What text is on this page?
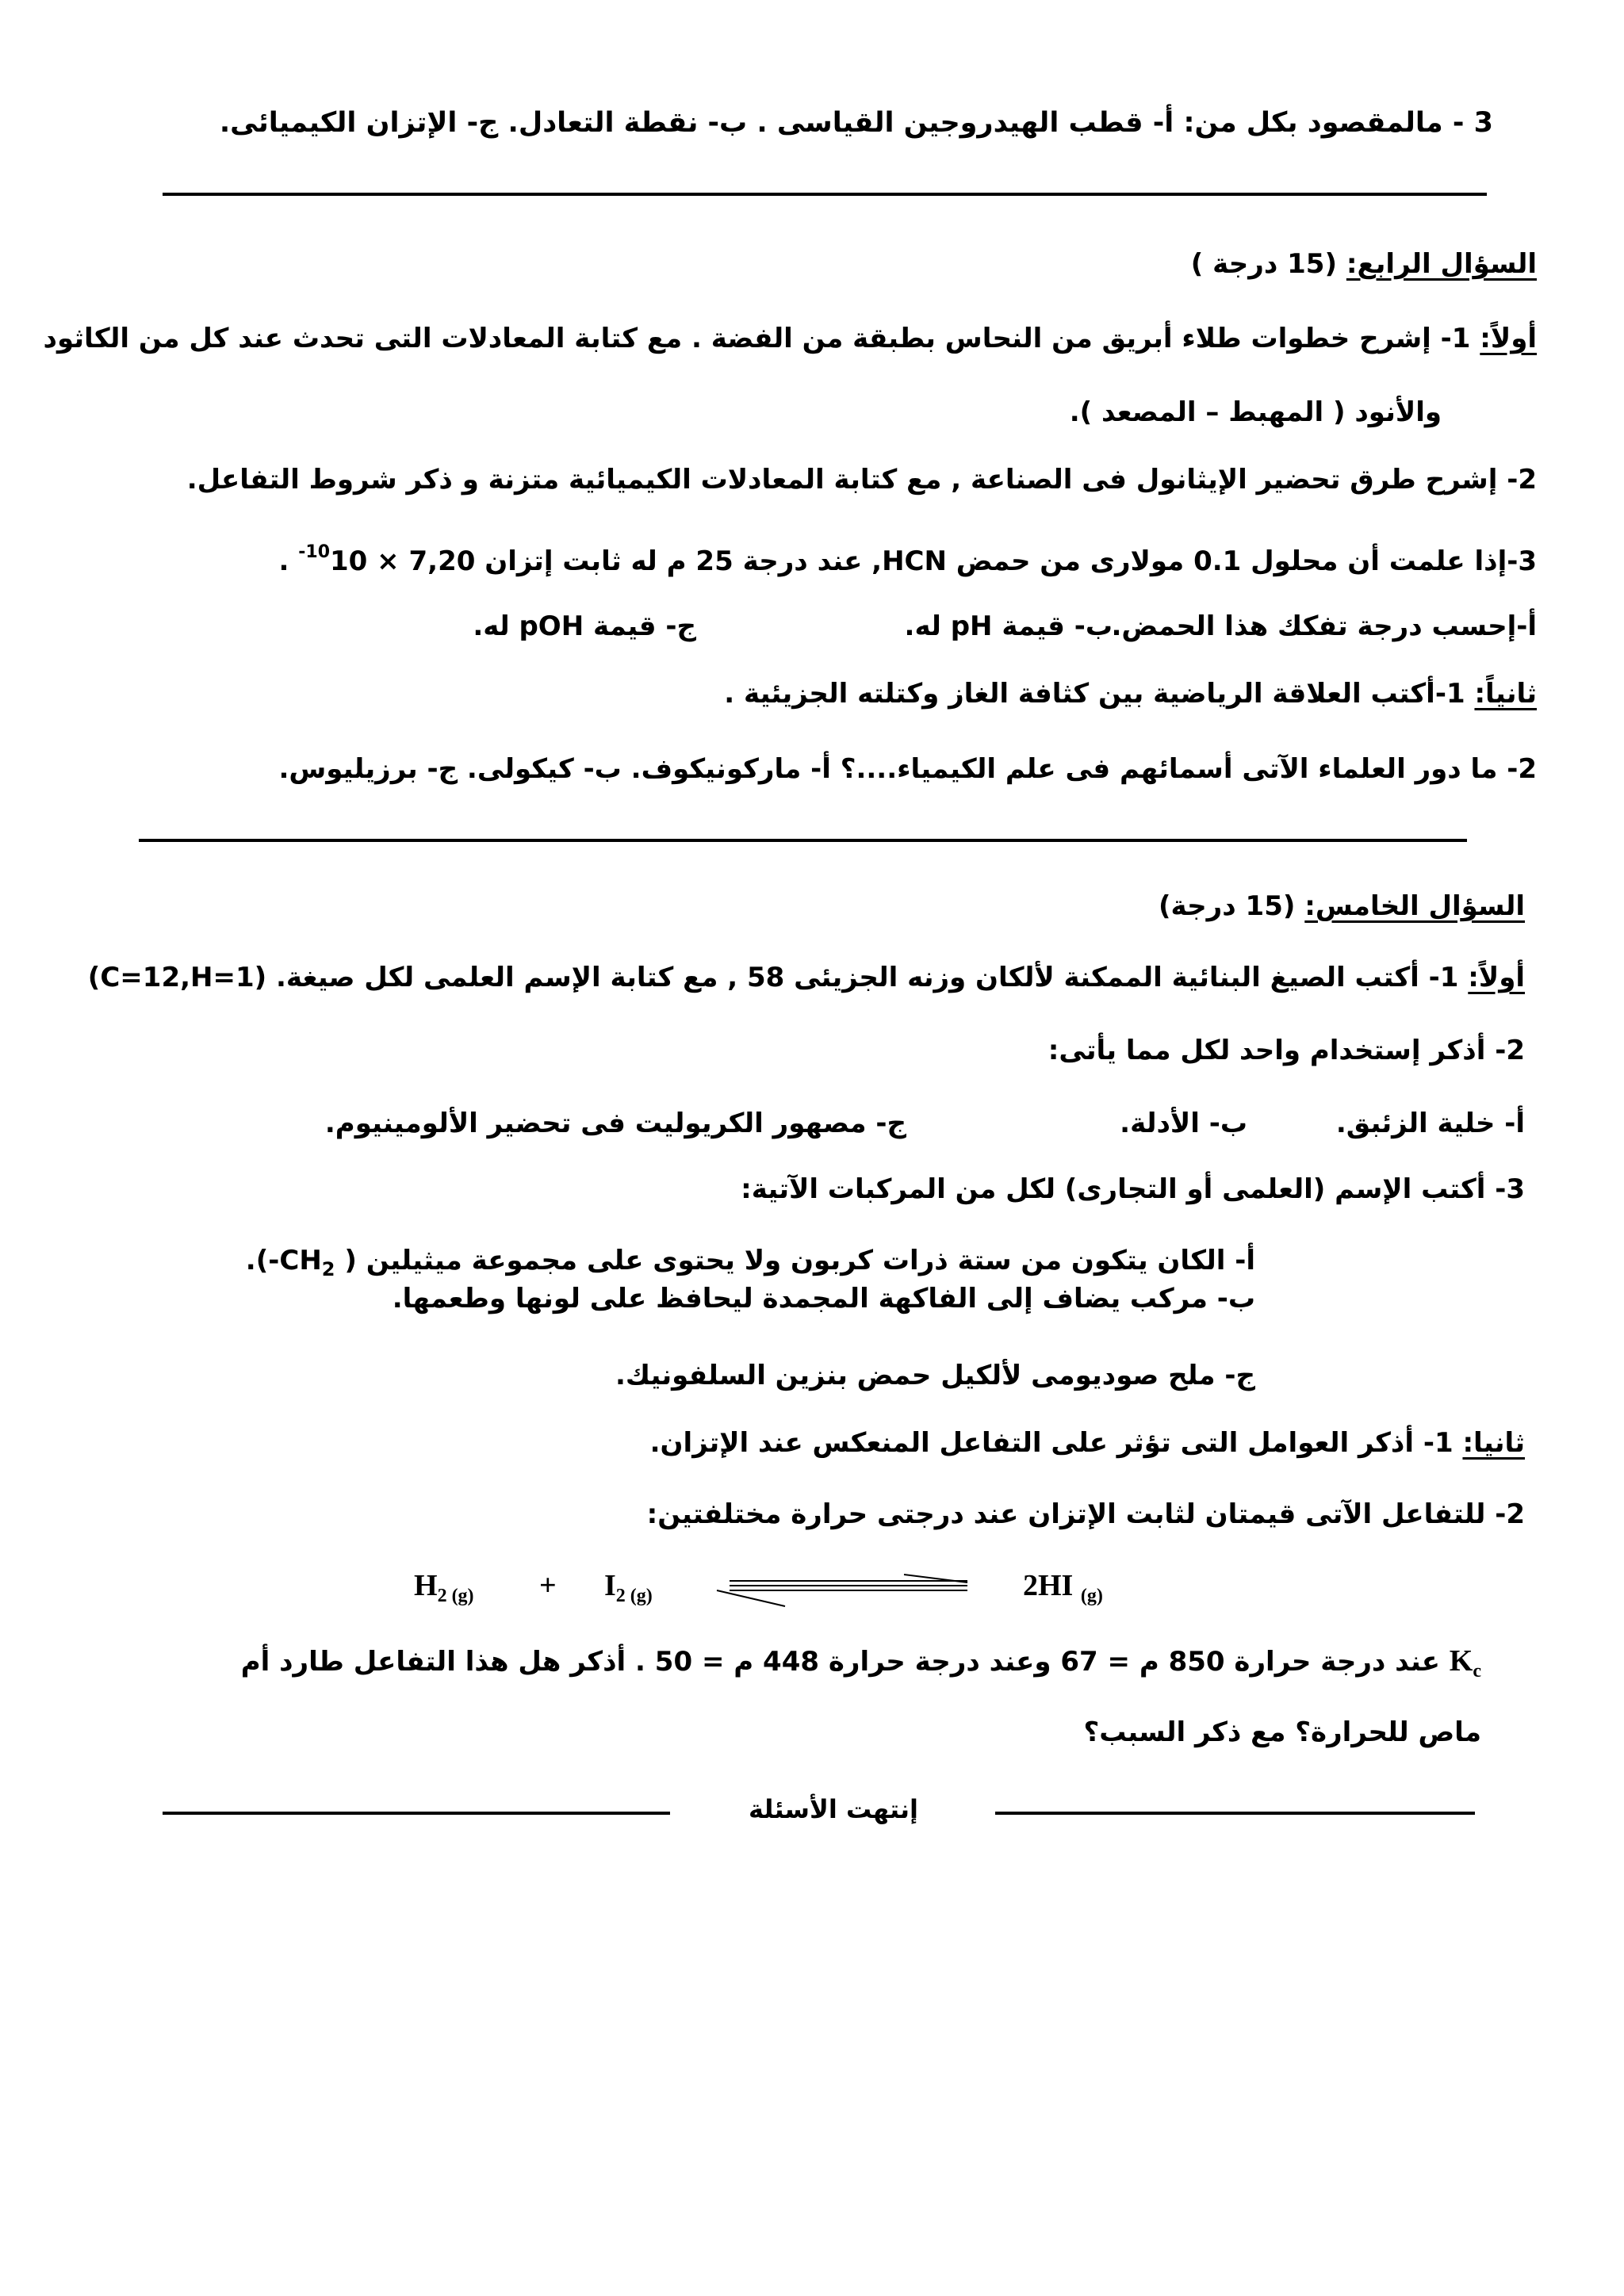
3 - مالمقصود بكل من: أ- قطب الهيدروجين القياسى . ب- نقطة التعادل. ج- الإتزان الكيميائى.
السؤال الرابع: (15 درجة )
أولاً: 1- إشرح خطوات طلاء أبريق من النحاس بطبقة من الفضة . مع كتابة المعادلات التى تحدث عند كل من الكاثود
والأنود ( المهبط – المصعد ).
2- إشرح طرق تحضير الإيثانول فى الصناعة , مع كتابة المعادلات الكيميائية متزنة و ذكر شروط التفاعل.
3-إذا علمت أن محلول 0.1 مولارى من حمض HCN, عند درجة 25 م له ثابت إتزان $7,20 \times 10^{-10}$ .
أ-إحسب درجة تفكك هذا الحمض.
ب- قيمة pH له.
ج- قيمة pOH له.
ثانياً: 1-أكتب العلاقة الرياضية بين كثافة الغاز وكتلته الجزيئية .
2- ما دور العلماء الآتى أسمائهم فى علم الكيمياء....؟ أ- ماركونيكوف. ب- كيكولى. ج- برزيليوس.
السؤال الخامس: (15 درجة)
أولاً: 1- أكتب الصيغ البنائية الممكنة لألكان وزنه الجزيئى 58 , مع كتابة الإسم العلمى لكل صيغة. (C=12,H=1)
2- أذكر إستخدام واحد لكل مما يأتى:
أ- خلية الزئبق.
ب- الأدلة.
ج- مصهور الكريوليت فى تحضير الألومينيوم.
3- أكتب الإسم (العلمى أو التجارى) لكل من المركبات الآتية:
أ- الكان يتكون من ستة ذرات كربون ولا يحتوى على مجموعة ميثيلين ( $-CH_2$).
ب- مركب يضاف إلى الفاكهة المجمدة ليحافظ على لونها وطعمها.
ج- ملح صوديومى لألكيل حمض بنزين السلفونيك.
ثانيا: 1- أذكر العوامل التى تؤثر على التفاعل المنعكس عند الإتزان.
2- للتفاعل الآتى قيمتان لثابت الإتزان عند درجتى حرارة مختلفتين:
$H_{2 (g)} + I_{2 (g)}$	2HI $_{(g)}$
$K_c$ عند درجة حرارة 850 م = 67 وعند درجة حرارة 448 م = 50 . أذكر هل هذا التفاعل طارد أم
ماص للحرارة؟ مع ذكر السبب؟
إنتهت الأسئلة
